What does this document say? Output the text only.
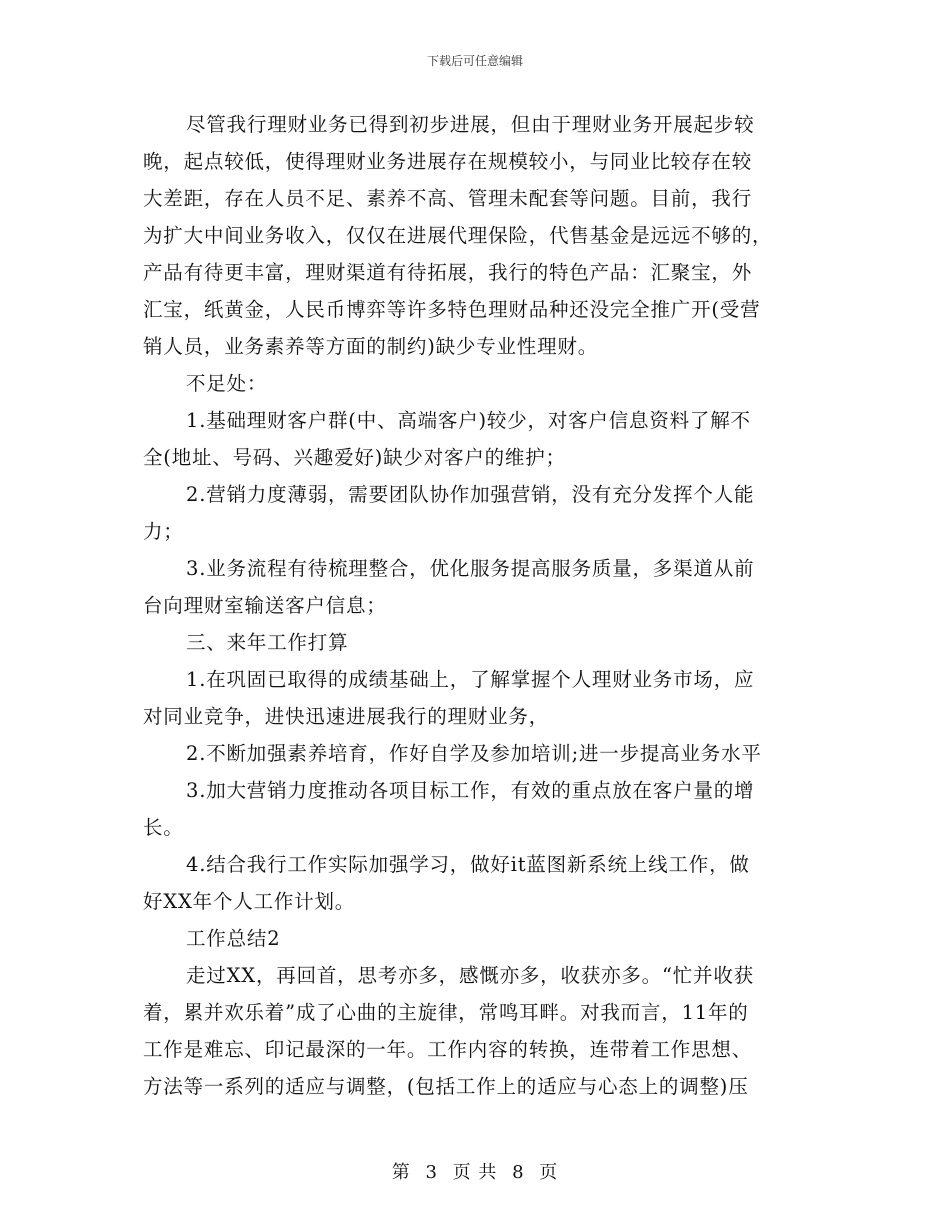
下载后可任意编辑
尽管我行理财业务已得到初步进展，但由于理财业务开展起步较
晚，起点较低，使得理财业务进展存在规模较小，与同业比较存在较
大差距，存在人员不足、素养不高、管理未配套等问题。目前，我行
为扩大中间业务收入，仅仅在进展代理保险，代售基金是远远不够的，
产品有待更丰富，理财渠道有待拓展，我行的特色产品：汇聚宝，外
汇宝，纸黄金，人民币博弈等许多特色理财品种还没完全推广开(受营
销人员，业务素养等方面的制约)缺少专业性理财。
不足处：
1.基础理财客户群(中、高端客户)较少，对客户信息资料了解不
全(地址、号码、兴趣爱好)缺少对客户的维护；
2.营销力度薄弱，需要团队协作加强营销，没有充分发挥个人能
力；
3.业务流程有待梳理整合，优化服务提高服务质量，多渠道从前
台向理财室输送客户信息；
三、来年工作打算
1.在巩固已取得的成绩基础上，了解掌握个人理财业务市场，应
对同业竞争，进快迅速进展我行的理财业务，
2.不断加强素养培育，作好自学及参加培训;进一步提高业务水平
3.加大营销力度推动各项目标工作，有效的重点放在客户量的增
长。
4.结合我行工作实际加强学习，做好it蓝图新系统上线工作，做
好XX年个人工作计划。
工作总结2
走过XX，再回首，思考亦多，感慨亦多，收获亦多。“忙并收获
着，累并欢乐着”成了心曲的主旋律，常鸣耳畔。对我而言，11年的
工作是难忘、印记最深的一年。工作内容的转换，连带着工作思想、
方法等一系列的适应与调整，(包括工作上的适应与心态上的调整)压
第 3 页 共 8 页
